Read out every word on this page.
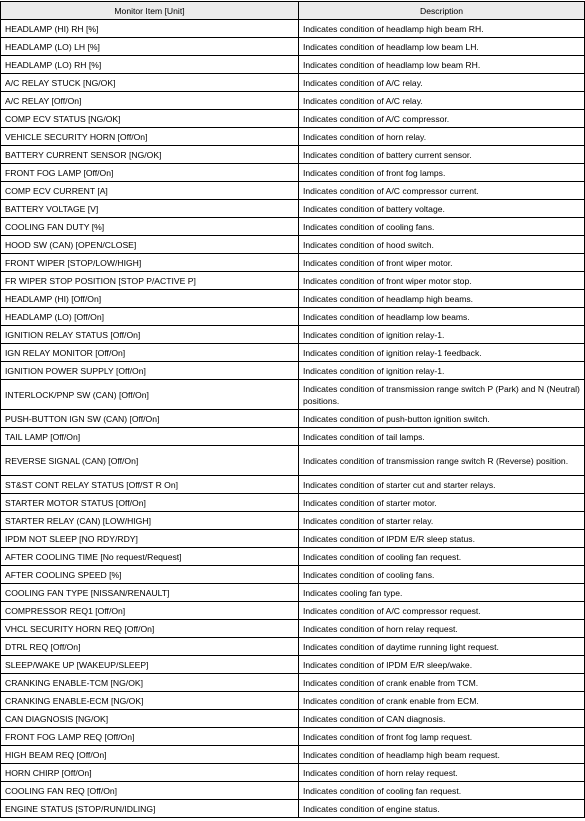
Monitor Item [Unit]	Description
HEADLAMP (HI) RH [%]	Indicates condition of headlamp high beam RH.
HEADLAMP (LO) LH [%]	Indicates condition of headlamp low beam LH.
HEADLAMP (LO) RH [%]	Indicates condition of headlamp low beam RH.
A/C RELAY STUCK [NG/OK]	Indicates condition of A/C relay.
A/C RELAY [Off/On]	Indicates condition of A/C relay.
COMP ECV STATUS [NG/OK]	Indicates condition of A/C compressor.
VEHICLE SECURITY HORN [Off/On]	Indicates condition of horn relay.
BATTERY CURRENT SENSOR [NG/OK]	Indicates condition of battery current sensor.
FRONT FOG LAMP [Off/On]	Indicates condition of front fog lamps.
COMP ECV CURRENT [A]	Indicates condition of A/C compressor current.
BATTERY VOLTAGE [V]	Indicates condition of battery voltage.
COOLING FAN DUTY [%]	Indicates condition of cooling fans.
HOOD SW (CAN) [OPEN/CLOSE]	Indicates condition of hood switch.
FRONT WIPER [STOP/LOW/HIGH]	Indicates condition of front wiper motor.
FR WIPER STOP POSITION [STOP P/ACTIVE P]	Indicates condition of front wiper motor stop.
HEADLAMP (HI) [Off/On]	Indicates condition of headlamp high beams.
HEADLAMP (LO) [Off/On]	Indicates condition of headlamp low beams.
IGNITION RELAY STATUS [Off/On]	Indicates condition of ignition relay-1.
IGN RELAY MONITOR [Off/On]	Indicates condition of ignition relay-1 feedback.
IGNITION POWER SUPPLY [Off/On]	Indicates condition of ignition relay-1.
INTERLOCK/PNP SW (CAN) [Off/On]	Indicates condition of transmission range switch P (Park) and N (Neutral) positions.
PUSH-BUTTON IGN SW (CAN) [Off/On]	Indicates condition of push-button ignition switch.
TAIL LAMP [Off/On]	Indicates condition of tail lamps.
REVERSE SIGNAL (CAN) [Off/On]	Indicates condition of transmission range switch R (Reverse) position.
ST&ST CONT RELAY STATUS [Off/ST R On]	Indicates condition of starter cut and starter relays.
STARTER MOTOR STATUS [Off/On]	Indicates condition of starter motor.
STARTER RELAY (CAN) [LOW/HIGH]	Indicates condition of starter relay.
IPDM NOT SLEEP [NO RDY/RDY]	Indicates condition of IPDM E/R sleep status.
AFTER COOLING TIME [No request/Request]	Indicates condition of cooling fan request.
AFTER COOLING SPEED [%]	Indicates condition of cooling fans.
COOLING FAN TYPE [NISSAN/RENAULT]	Indicates cooling fan type.
COMPRESSOR REQ1 [Off/On]	Indicates condition of A/C compressor request.
VHCL SECURITY HORN REQ [Off/On]	Indicates condition of horn relay request.
DTRL REQ [Off/On]	Indicates condition of daytime running light request.
SLEEP/WAKE UP [WAKEUP/SLEEP]	Indicates condition of IPDM E/R sleep/wake.
CRANKING ENABLE-TCM [NG/OK]	Indicates condition of crank enable from TCM.
CRANKING ENABLE-ECM [NG/OK]	Indicates condition of crank enable from ECM.
CAN DIAGNOSIS [NG/OK]	Indicates condition of CAN diagnosis.
FRONT FOG LAMP REQ [Off/On]	Indicates condition of front fog lamp request.
HIGH BEAM REQ [Off/On]	Indicates condition of headlamp high beam request.
HORN CHIRP [Off/On]	Indicates condition of horn relay request.
COOLING FAN REQ [Off/On]	Indicates condition of cooling fan request.
ENGINE STATUS [STOP/RUN/IDLING]	Indicates condition of engine status.
